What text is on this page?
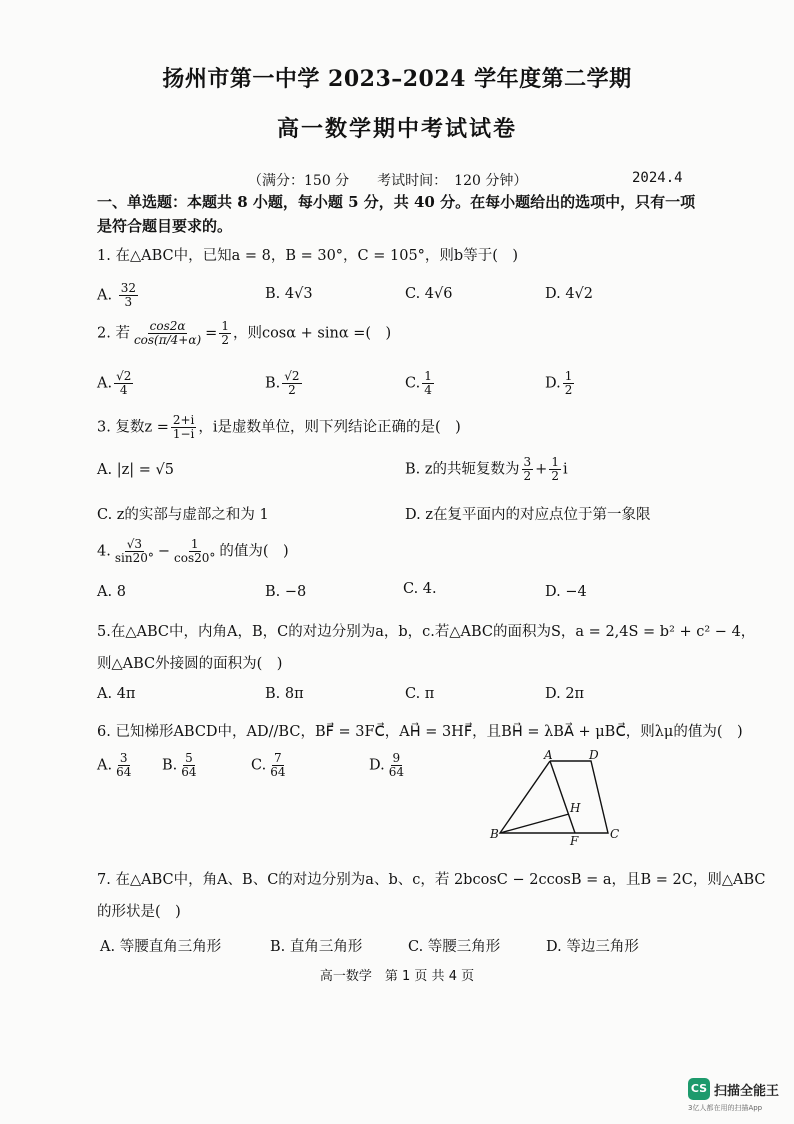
扬州市第一中学 2023–2024 学年度第二学期
高一数学期中考试试卷
（满分：150 分　　考试时间：　120 分钟）	2024.4
一、单选题：本题共 8 小题，每小题 5 分，共 40 分。在每小题给出的选项中，只有一项是符合题目要求的。
1. 在△ABC中，已知a = 8，B = 30°，C = 105°，则b等于(　)
A. $\frac{32}{3}$	B. 4√3	C. 4√6	D. 4√2
2. 若 $\frac{\cos 2\alpha}{\cos(\pi/4+\alpha)} = \frac{1}{2}$ ，则cosα + sinα =(　)
A. $\frac{√2}{4}$	B. $\frac{√2}{2}$	C. $\frac{1}{4}$	D. $\frac{1}{2}$
3. 复数$z = \frac{2+i}{1-i}$ ，i是虚数单位，则下列结论正确的是(　)
A. |z| = √5	B. z的共轭复数为 $\frac{3}{2} + \frac{1}{2}$ i
C. z的实部与虚部之和为 1	D. z在复平面内的对应点位于第一象限
4. $\frac{√3}{\sin 20^\circ} - \frac{1}{\cos 20^\circ}$ 的值为(　)
A. 8	B. −8	C. 4.	D. −4
5.在△ABC中，内角A，B，C的对边分别为a，b，c.若△ABC的面积为S，a = 2,4S = b² + c² − 4，
则△ABC外接圆的面积为(　)
A. 4π	B. 8π	C. π	D. 2π
6. 已知梯形ABCD中，AD//BC，BF⃗ = 3FC⃗，AH⃗ = 3HF⃗，且BH⃗ = λBA⃗ + μBC⃗，则λμ的值为(　)
A. $\frac{3}{64} B$. $\frac{5}{64}$	C. $\frac{7}{64}$	D. $\frac{9}{64}$	A	D
H
B	F	C
7. 在△ABC中，角A、B、C的对边分别为a、b、c，若 2bcosC − 2ccosB = a，且B = 2C，则△ABC
的形状是(　)
A. 等腰直角三角形	B. 直角三角形	C. 等腰三角形	D. 等边三角形
高一数学　第 1 页 共 4 页
CS 扫描全能王
3亿人都在用的扫描App
